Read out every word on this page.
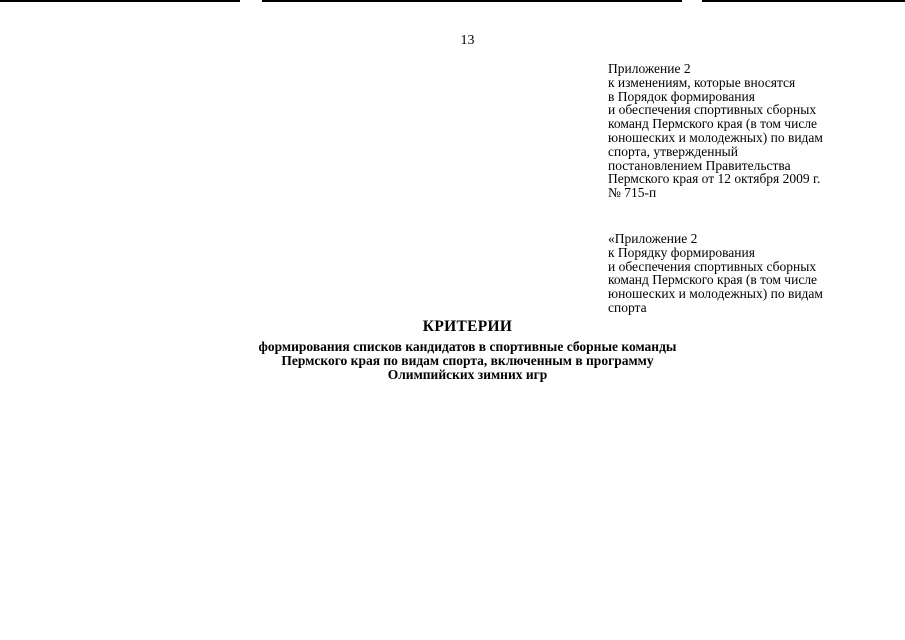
13
Приложение 2
к изменениям, которые вносятся
в Порядок формирования
и обеспечения спортивных сборных
команд Пермского края (в том числе
юношеских и молодежных) по видам
спорта, утвержденный
постановлением Правительства
Пермского края от 12 октября 2009 г.
№ 715-п
«Приложение 2
к Порядку формирования
и обеспечения спортивных сборных
команд Пермского края (в том числе
юношеских и молодежных) по видам
спорта
КРИТЕРИИ
формирования списков кандидатов в спортивные сборные команды
Пермского края по видам спорта, включенным в программу
Олимпийских зимних игр
